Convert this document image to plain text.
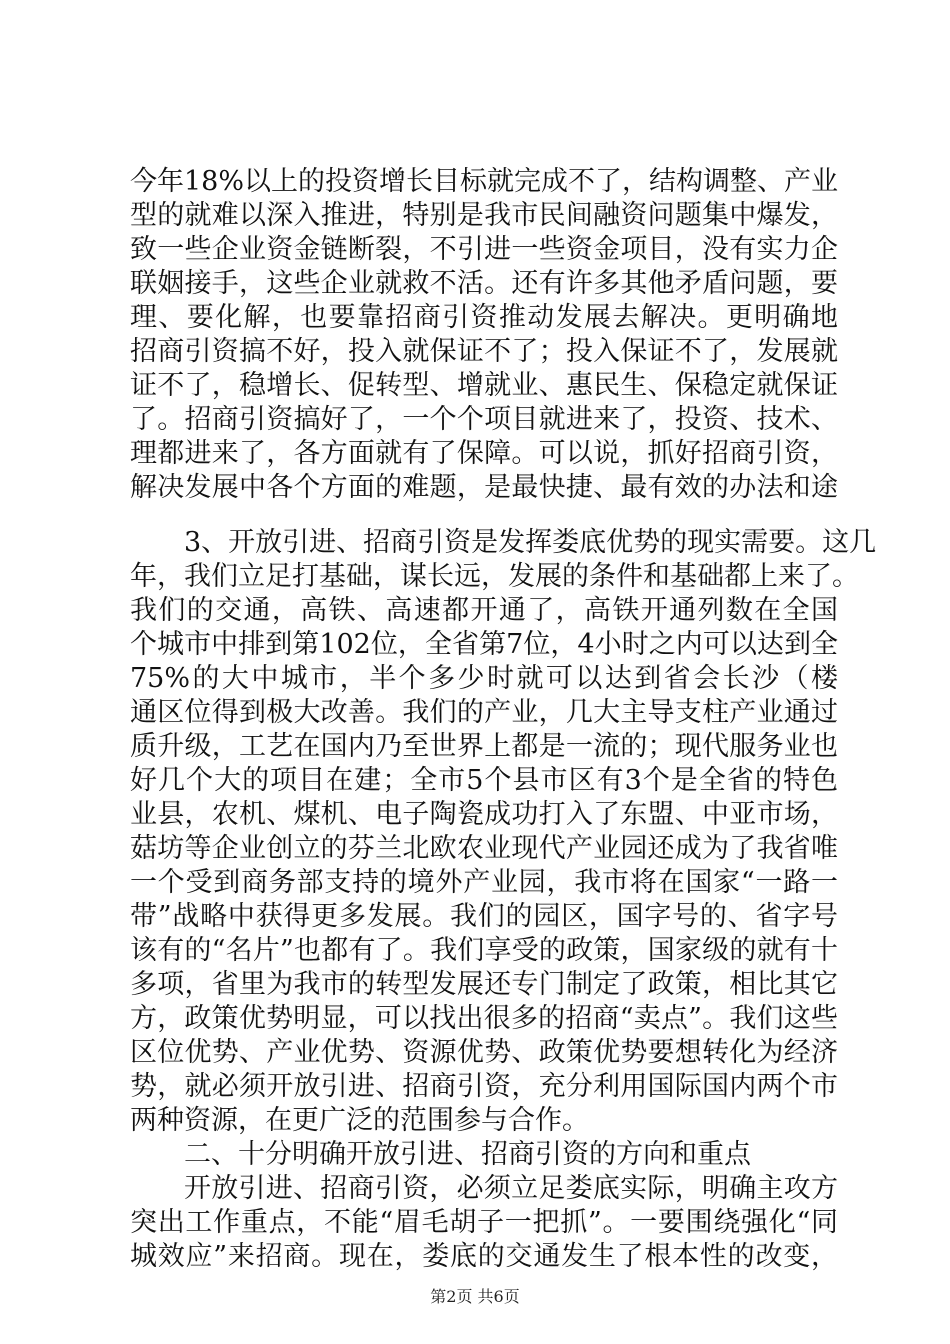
今年18%以上的投资增长目标就完成不了，结构调整、产业
型的就难以深入推进，特别是我市民间融资问题集中爆发，
致一些企业资金链断裂，不引进一些资金项目，没有实力企
联姻接手，这些企业就救不活。还有许多其他矛盾问题，要
理、要化解，也要靠招商引资推动发展去解决。更明确地
招商引资搞不好，投入就保证不了；投入保证不了，发展就
证不了，稳增长、促转型、增就业、惠民生、保稳定就保证
了。招商引资搞好了，一个个项目就进来了，投资、技术、
理都进来了，各方面就有了保障。可以说，抓好招商引资，
解决发展中各个方面的难题，是最快捷、最有效的办法和途
3、开放引进、招商引资是发挥娄底优势的现实需要。这几
年，我们立足打基础，谋长远，发展的条件和基础都上来了。
我们的交通，高铁、高速都开通了，高铁开通列数在全国
个城市中排到第102位，全省第7位，4小时之内可以达到全
75%的大中城市，半个多少时就可以达到省会长沙（楼
通区位得到极大改善。我们的产业，几大主导支柱产业通过
质升级，工艺在国内乃至世界上都是一流的；现代服务业也
好几个大的项目在建；全市5个县市区有3个是全省的特色
业县，农机、煤机、电子陶瓷成功打入了东盟、中亚市场，
菇坊等企业创立的芬兰北欧农业现代产业园还成为了我省唯
一个受到商务部支持的境外产业园，我市将在国家“一路一
带”战略中获得更多发展。我们的园区，国字号的、省字号
该有的“名片”也都有了。我们享受的政策，国家级的就有十
多项，省里为我市的转型发展还专门制定了政策，相比其它
方，政策优势明显，可以找出很多的招商“卖点”。我们这些
区位优势、产业优势、资源优势、政策优势要想转化为经济
势，就必须开放引进、招商引资，充分利用国际国内两个市
两种资源，在更广泛的范围参与合作。
二、十分明确开放引进、招商引资的方向和重点
开放引进、招商引资，必须立足娄底实际，明确主攻方
突出工作重点，不能“眉毛胡子一把抓”。一要围绕强化“同
城效应”来招商。现在，娄底的交通发生了根本性的改变，
第2页 共6页
